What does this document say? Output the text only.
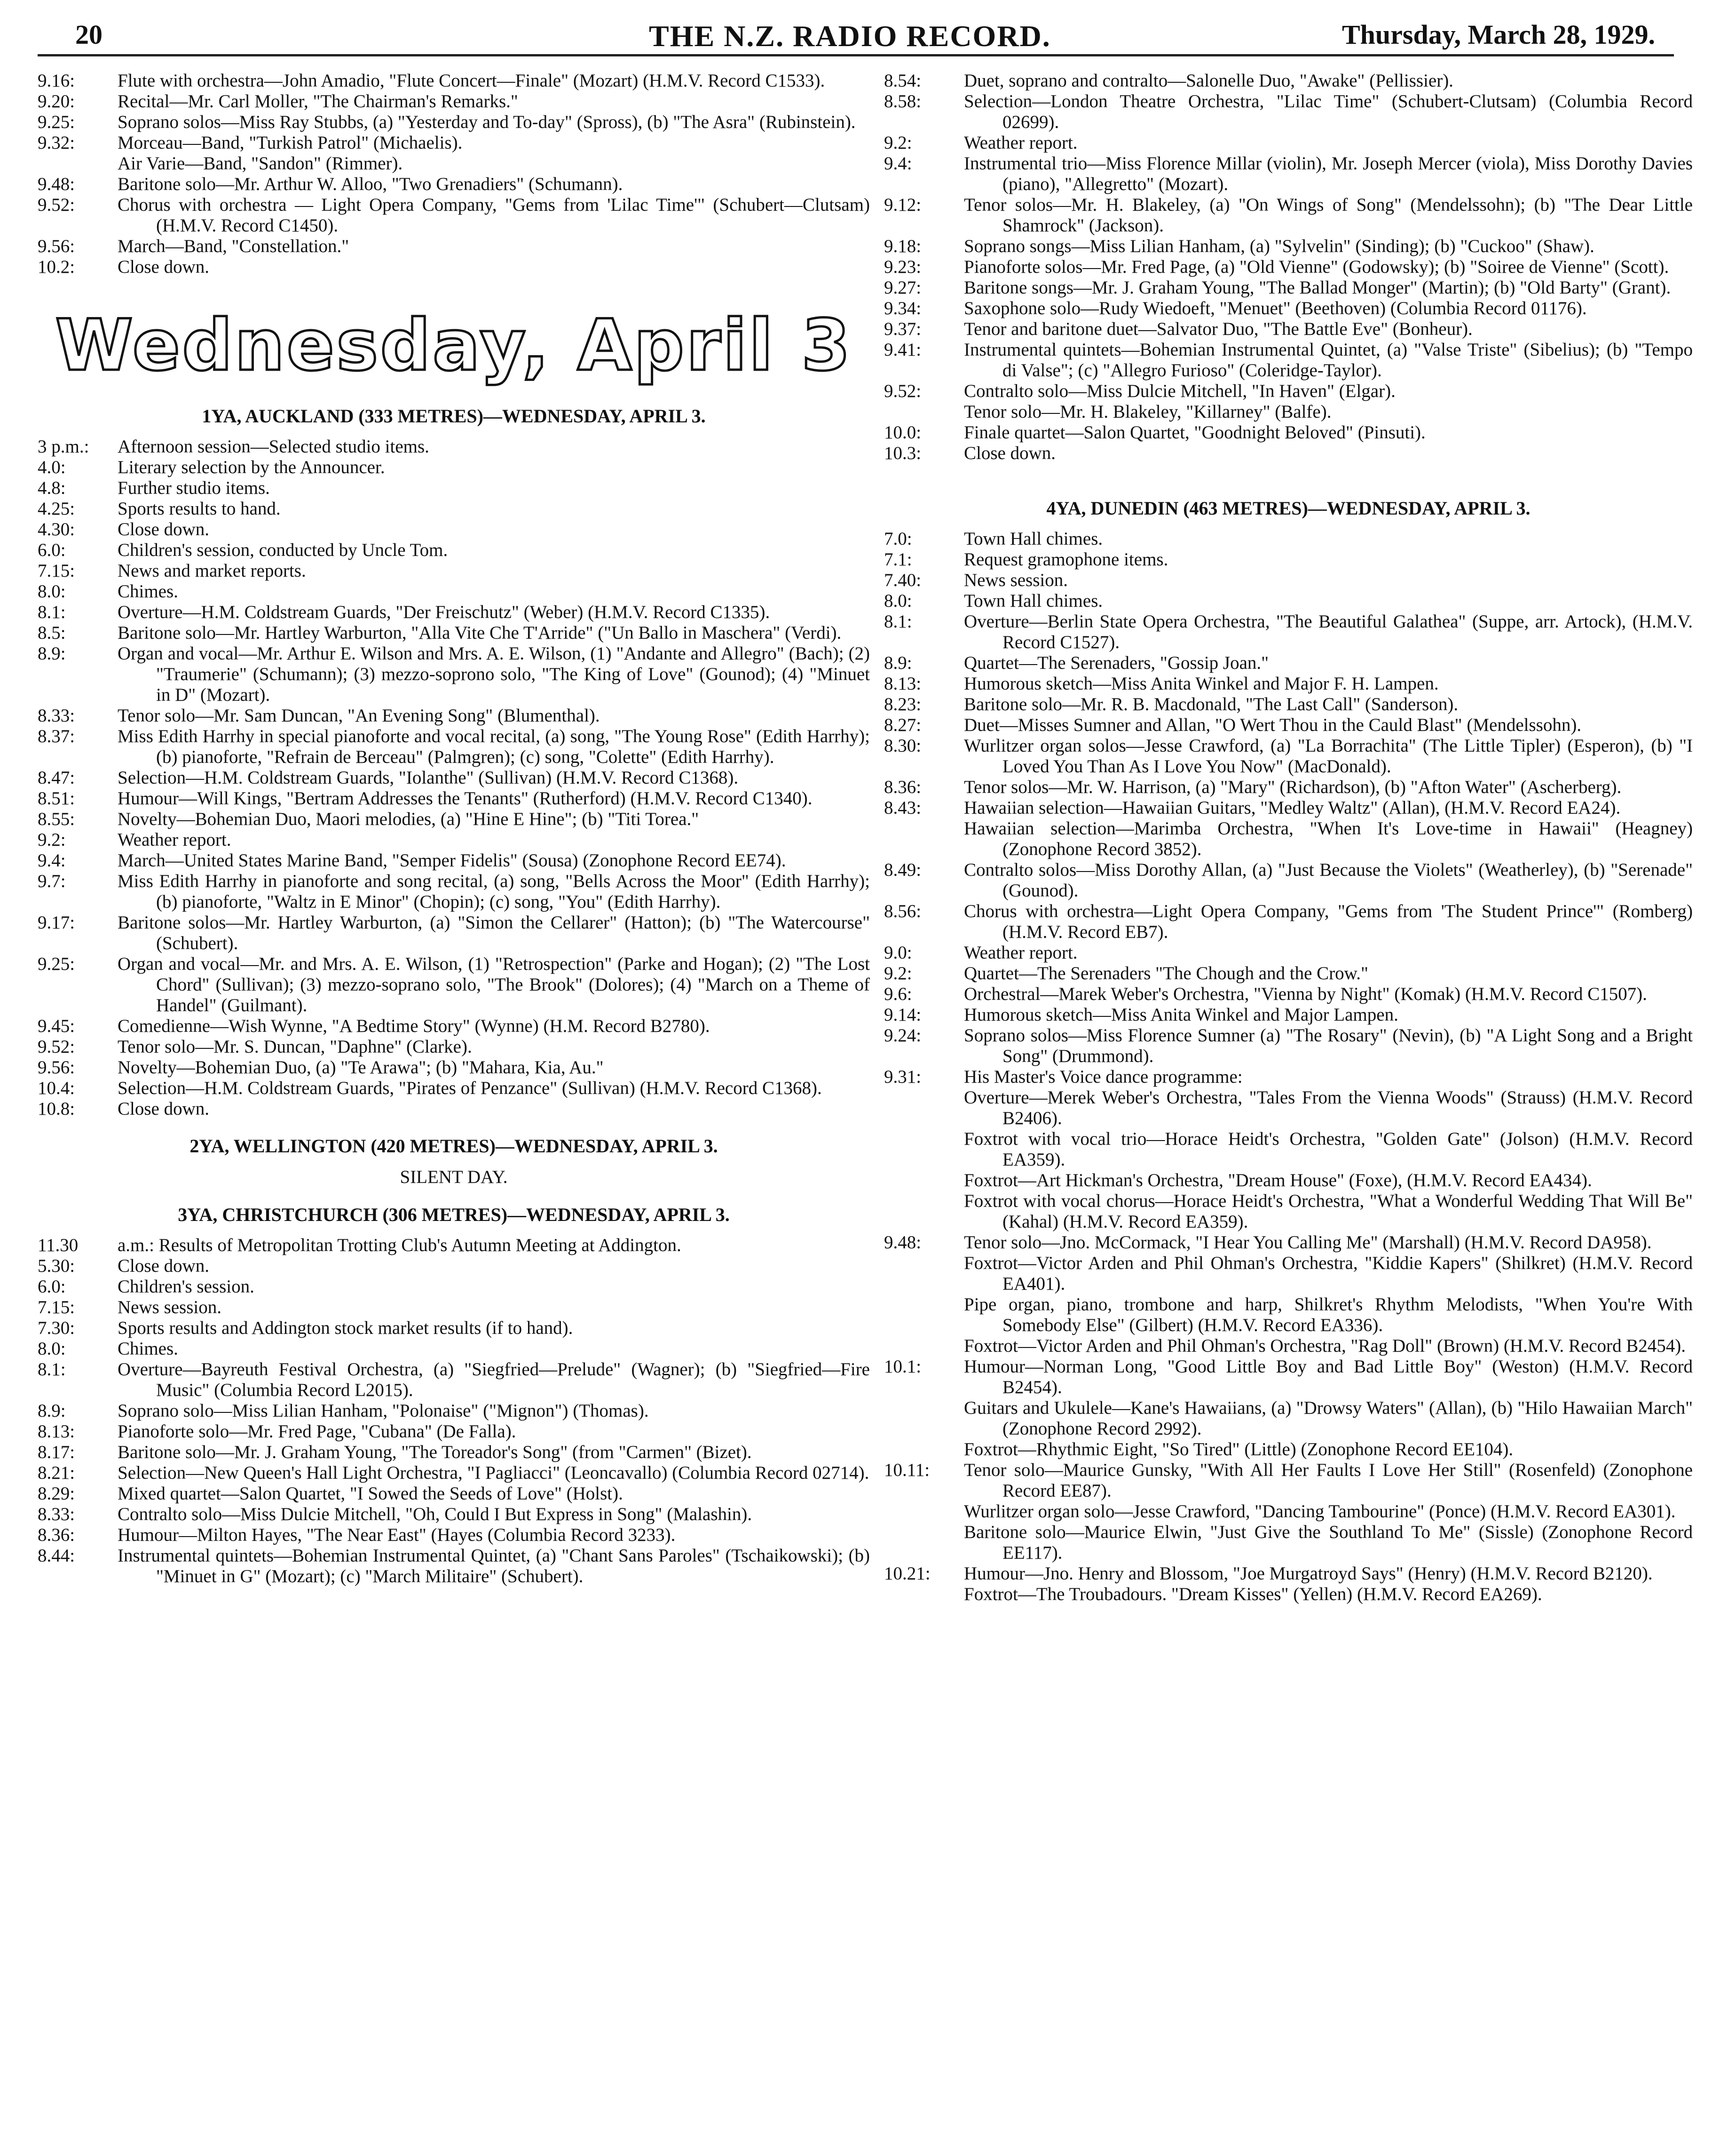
20	THE N.Z. RADIO RECORD.	Thursday, March 28, 1929.
9.16:	Flute with orchestra—John Amadio, "Flute Concert—Finale" (Mozart) (H.M.V. Record C1533).
9.20:	Recital—Mr. Carl Moller, "The Chairman's Remarks."
9.25:	Soprano solos—Miss Ray Stubbs, (a) "Yesterday and To-day" (Spross), (b) "The Asra" (Rubinstein).
9.32:	Morceau—Band, "Turkish Patrol" (Michaelis).
Air Varie—Band, "Sandon" (Rimmer).
9.48:	Baritone solo—Mr. Arthur W. Alloo, "Two Grenadiers" (Schumann).
9.52:	Chorus with orchestra — Light Opera Company, "Gems from 'Lilac Time'" (Schubert—Clutsam) (H.M.V. Record C1450).
9.56:	March—Band, "Constellation."
10.2:	Close down.
Wednesday, April 3
1YA, AUCKLAND (333 METRES)—WEDNESDAY, APRIL 3.
3 p.m.:	Afternoon session—Selected studio items.
4.0:	Literary selection by the Announcer.
4.8:	Further studio items.
4.25:	Sports results to hand.
4.30:	Close down.
6.0:	Children's session, conducted by Uncle Tom.
7.15:	News and market reports.
8.0:	Chimes.
8.1:	Overture—H.M. Coldstream Guards, "Der Freischutz" (Weber) (H.M.V. Record C1335).
8.5:	Baritone solo—Mr. Hartley Warburton, "Alla Vite Che T'Arride" ("Un Ballo in Maschera" (Verdi).
8.9:	Organ and vocal—Mr. Arthur E. Wilson and Mrs. A. E. Wilson, (1) "Andante and Allegro" (Bach); (2) "Traumerie" (Schumann); (3) mezzo-soprono solo, "The King of Love" (Gounod); (4) "Minuet in D" (Mozart).
8.33:	Tenor solo—Mr. Sam Duncan, "An Evening Song" (Blumenthal).
8.37:	Miss Edith Harrhy in special pianoforte and vocal recital, (a) song, "The Young Rose" (Edith Harrhy); (b) pianoforte, "Refrain de Berceau" (Palmgren); (c) song, "Colette" (Edith Harrhy).
8.47:	Selection—H.M. Coldstream Guards, "Iolanthe" (Sullivan) (H.M.V. Record C1368).
8.51:	Humour—Will Kings, "Bertram Addresses the Tenants" (Rutherford) (H.M.V. Record C1340).
8.55:	Novelty—Bohemian Duo, Maori melodies, (a) "Hine E Hine"; (b) "Titi Torea."
9.2:	Weather report.
9.4:	March—United States Marine Band, "Semper Fidelis" (Sousa) (Zonophone Record EE74).
9.7:	Miss Edith Harrhy in pianoforte and song recital, (a) song, "Bells Across the Moor" (Edith Harrhy); (b) pianoforte, "Waltz in E Minor" (Chopin); (c) song, "You" (Edith Harrhy).
9.17:	Baritone solos—Mr. Hartley Warburton, (a) "Simon the Cellarer" (Hatton); (b) "The Watercourse" (Schubert).
9.25:	Organ and vocal—Mr. and Mrs. A. E. Wilson, (1) "Retrospection" (Parke and Hogan); (2) "The Lost Chord" (Sullivan); (3) mezzo-soprano solo, "The Brook" (Dolores); (4) "March on a Theme of Handel" (Guilmant).
9.45:	Comedienne—Wish Wynne, "A Bedtime Story" (Wynne) (H.M. Record B2780).
9.52:	Tenor solo—Mr. S. Duncan, "Daphne" (Clarke).
9.56:	Novelty—Bohemian Duo, (a) "Te Arawa"; (b) "Mahara, Kia, Au."
10.4:	Selection—H.M. Coldstream Guards, "Pirates of Penzance" (Sullivan) (H.M.V. Record C1368).
10.8:	Close down.
2YA, WELLINGTON (420 METRES)—WEDNESDAY, APRIL 3.
SILENT DAY.
3YA, CHRISTCHURCH (306 METRES)—WEDNESDAY, APRIL 3.
11.30	a.m.: Results of Metropolitan Trotting Club's Autumn Meeting at Addington.
5.30:	Close down.
6.0:	Children's session.
7.15:	News session.
7.30:	Sports results and Addington stock market results (if to hand).
8.0:	Chimes.
8.1:	Overture—Bayreuth Festival Orchestra, (a) "Siegfried—Prelude" (Wagner); (b) "Siegfried—Fire Music" (Columbia Record L2015).
8.9:	Soprano solo—Miss Lilian Hanham, "Polonaise" ("Mignon") (Thomas).
8.13:	Pianoforte solo—Mr. Fred Page, "Cubana" (De Falla).
8.17:	Baritone solo—Mr. J. Graham Young, "The Toreador's Song" (from "Carmen" (Bizet).
8.21:	Selection—New Queen's Hall Light Orchestra, "I Pagliacci" (Leoncavallo) (Columbia Record 02714).
8.29:	Mixed quartet—Salon Quartet, "I Sowed the Seeds of Love" (Holst).
8.33:	Contralto solo—Miss Dulcie Mitchell, "Oh, Could I But Express in Song" (Malashin).
8.36:	Humour—Milton Hayes, "The Near East" (Hayes (Columbia Record 3233).
8.44:	Instrumental quintets—Bohemian Instrumental Quintet, (a) "Chant Sans Paroles" (Tschaikowski); (b) "Minuet in G" (Mozart); (c) "March Militaire" (Schubert).
8.54:	Duet, soprano and contralto—Salonelle Duo, "Awake" (Pellissier).
8.58:	Selection—London Theatre Orchestra, "Lilac Time" (Schubert-Clutsam) (Columbia Record 02699).
9.2:	Weather report.
9.4:	Instrumental trio—Miss Florence Millar (violin), Mr. Joseph Mercer (viola), Miss Dorothy Davies (piano), "Allegretto" (Mozart).
9.12:	Tenor solos—Mr. H. Blakeley, (a) "On Wings of Song" (Mendelssohn); (b) "The Dear Little Shamrock" (Jackson).
9.18:	Soprano songs—Miss Lilian Hanham, (a) "Sylvelin" (Sinding); (b) "Cuckoo" (Shaw).
9.23:	Pianoforte solos—Mr. Fred Page, (a) "Old Vienne" (Godowsky); (b) "Soiree de Vienne" (Scott).
9.27:	Baritone songs—Mr. J. Graham Young, "The Ballad Monger" (Martin); (b) "Old Barty" (Grant).
9.34:	Saxophone solo—Rudy Wiedoeft, "Menuet" (Beethoven) (Columbia Record 01176).
9.37:	Tenor and baritone duet—Salvator Duo, "The Battle Eve" (Bonheur).
9.41:	Instrumental quintets—Bohemian Instrumental Quintet, (a) "Valse Triste" (Sibelius); (b) "Tempo di Valse"; (c) "Allegro Furioso" (Coleridge-Taylor).
9.52:	Contralto solo—Miss Dulcie Mitchell, "In Haven" (Elgar).
Tenor solo—Mr. H. Blakeley, "Killarney" (Balfe).
10.0:	Finale quartet—Salon Quartet, "Goodnight Beloved" (Pinsuti).
10.3:	Close down.
4YA, DUNEDIN (463 METRES)—WEDNESDAY, APRIL 3.
7.0:	Town Hall chimes.
7.1:	Request gramophone items.
7.40:	News session.
8.0:	Town Hall chimes.
8.1:	Overture—Berlin State Opera Orchestra, "The Beautiful Galathea" (Suppe, arr. Artock), (H.M.V. Record C1527).
8.9:	Quartet—The Serenaders, "Gossip Joan."
8.13:	Humorous sketch—Miss Anita Winkel and Major F. H. Lampen.
8.23:	Baritone solo—Mr. R. B. Macdonald, "The Last Call" (Sanderson).
8.27:	Duet—Misses Sumner and Allan, "O Wert Thou in the Cauld Blast" (Mendelssohn).
8.30:	Wurlitzer organ solos—Jesse Crawford, (a) "La Borrachita" (The Little Tipler) (Esperon), (b) "I Loved You Than As I Love You Now" (MacDonald).
8.36:	Tenor solos—Mr. W. Harrison, (a) "Mary" (Richardson), (b) "Afton Water" (Ascherberg).
8.43:	Hawaiian selection—Hawaiian Guitars, "Medley Waltz" (Allan), (H.M.V. Record EA24).
Hawaiian selection—Marimba Orchestra, "When It's Love-time in Hawaii" (Heagney) (Zonophone Record 3852).
8.49:	Contralto solos—Miss Dorothy Allan, (a) "Just Because the Violets" (Weatherley), (b) "Serenade" (Gounod).
8.56:	Chorus with orchestra—Light Opera Company, "Gems from 'The Student Prince'" (Romberg) (H.M.V. Record EB7).
9.0:	Weather report.
9.2:	Quartet—The Serenaders "The Chough and the Crow."
9.6:	Orchestral—Marek Weber's Orchestra, "Vienna by Night" (Komak) (H.M.V. Record C1507).
9.14:	Humorous sketch—Miss Anita Winkel and Major Lampen.
9.24:	Soprano solos—Miss Florence Sumner (a) "The Rosary" (Nevin), (b) "A Light Song and a Bright Song" (Drummond).
9.31:	His Master's Voice dance programme:
Overture—Merek Weber's Orchestra, "Tales From the Vienna Woods" (Strauss) (H.M.V. Record B2406).
Foxtrot with vocal trio—Horace Heidt's Orchestra, "Golden Gate" (Jolson) (H.M.V. Record EA359).
Foxtrot—Art Hickman's Orchestra, "Dream House" (Foxe), (H.M.V. Record EA434).
Foxtrot with vocal chorus—Horace Heidt's Orchestra, "What a Wonderful Wedding That Will Be" (Kahal) (H.M.V. Record EA359).
9.48:	Tenor solo—Jno. McCormack, "I Hear You Calling Me" (Marshall) (H.M.V. Record DA958).
Foxtrot—Victor Arden and Phil Ohman's Orchestra, "Kiddie Kapers" (Shilkret) (H.M.V. Record EA401).
Pipe organ, piano, trombone and harp, Shilkret's Rhythm Melodists, "When You're With Somebody Else" (Gilbert) (H.M.V. Record EA336).
Foxtrot—Victor Arden and Phil Ohman's Orchestra, "Rag Doll" (Brown) (H.M.V. Record B2454).
10.1:	Humour—Norman Long, "Good Little Boy and Bad Little Boy" (Weston) (H.M.V. Record B2454).
Guitars and Ukulele—Kane's Hawaiians, (a) "Drowsy Waters" (Allan), (b) "Hilo Hawaiian March" (Zonophone Record 2992).
Foxtrot—Rhythmic Eight, "So Tired" (Little) (Zonophone Record EE104).
10.11:	Tenor solo—Maurice Gunsky, "With All Her Faults I Love Her Still" (Rosenfeld) (Zonophone Record EE87).
Wurlitzer organ solo—Jesse Crawford, "Dancing Tambourine" (Ponce) (H.M.V. Record EA301).
Baritone solo—Maurice Elwin, "Just Give the Southland To Me" (Sissle) (Zonophone Record EE117).
10.21:	Humour—Jno. Henry and Blossom, "Joe Murgatroyd Says" (Henry) (H.M.V. Record B2120).
Foxtrot—The Troubadours. "Dream Kisses" (Yellen) (H.M.V. Record EA269).
